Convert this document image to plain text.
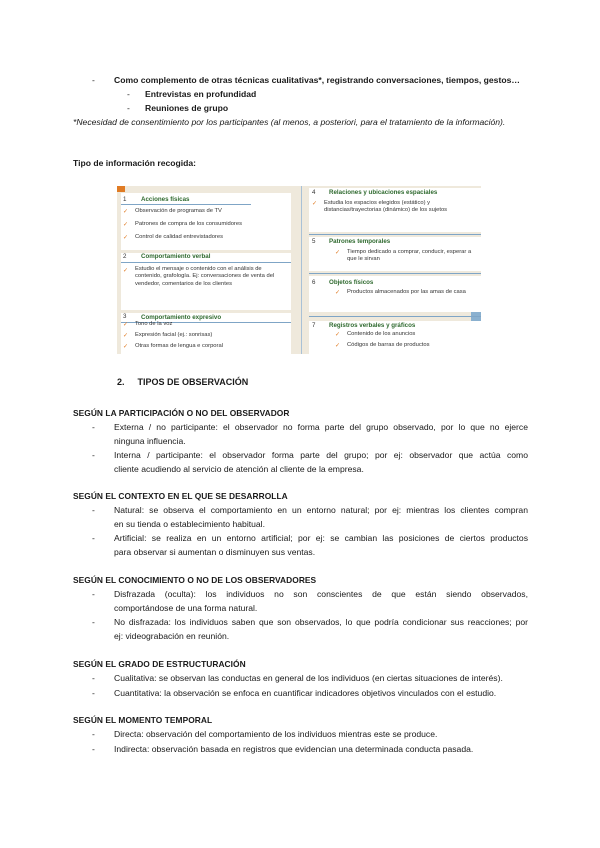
-	Como complemento de otras técnicas cualitativas*, registrando conversaciones, tiempos, gestos…
-	Entrevistas en profundidad
-	Reuniones de grupo
*Necesidad de consentimiento por los participantes (al menos, a posteriori, para el tratamiento de la información).
Tipo de información recogida:
1 Acciones físicas
✓ Observación de programas de TV
✓ Patrones de compra de los consumidores
✓ Control de calidad entrevistadores
2 Comportamiento verbal
✓ Estudio el mensaje o contenido con el análisis de contenido, grafología. Ej: conversaciones de venta del vendedor, comentarios de los clientes
3 Comportamiento expresivo
✓ Tono de la voz
✓ Expresión facial (ej.: sonrisas)
✓ Otras formas de lengua e corporal
4 Relaciones y ubicaciones espaciales
✓ Estudia los espacios elegidos (estático) y distancias/trayectorias (dinámico) de los sujetos
5 Patrones temporales
✓ Tiempo dedicado a comprar, conducir, esperar a que le sirvan
6 Objetos físicos
✓ Productos almacenados por las amas de casa
7 Registros verbales y gráficos
✓ Contenido de los anuncios
✓ Códigos de barras de productos
2. TIPOS DE OBSERVACIÓN
SEGÚN LA PARTICIPACIÓN O NO DEL OBSERVADOR
-	Externa / no participante: el observador no forma parte del grupo observado, por lo que no ejerce
ninguna influencia.
-	Interna / participante: el observador forma parte del grupo; por ej: observador que actúa como
cliente acudiendo al servicio de atención al cliente de la empresa.
SEGÚN EL CONTEXTO EN EL QUE SE DESARROLLA
-	Natural: se observa el comportamiento en un entorno natural; por ej: mientras los clientes compran
en su tienda o establecimiento habitual.
-	Artificial: se realiza en un entorno artificial; por ej: se cambian las posiciones de ciertos productos
para observar si aumentan o disminuyen sus ventas.
SEGÚN EL CONOCIMIENTO O NO DE LOS OBSERVADORES
-	Disfrazada (oculta): los individuos no son conscientes de que están siendo observados,
comportándose de una forma natural.
-	No disfrazada: los individuos saben que son observados, lo que podría condicionar sus reacciones; por
ej: videograbación en reunión.
SEGÚN EL GRADO DE ESTRUCTURACIÓN
-	Cualitativa: se observan las conductas en general de los individuos (en ciertas situaciones de interés).
-	Cuantitativa: la observación se enfoca en cuantificar indicadores objetivos vinculados con el estudio.
SEGÚN EL MOMENTO TEMPORAL
-	Directa: observación del comportamiento de los individuos mientras este se produce.
-	Indirecta: observación basada en registros que evidencian una determinada conducta pasada.
